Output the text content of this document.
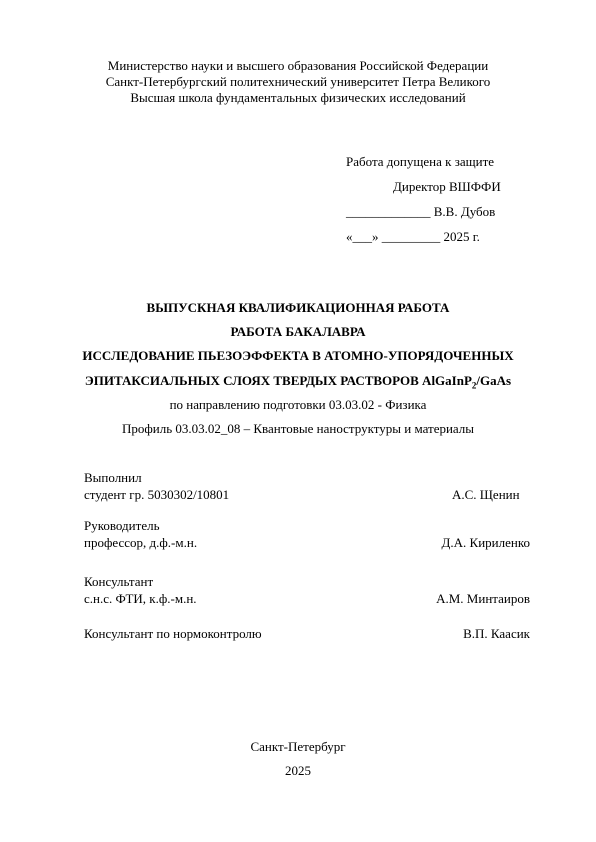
Министерство науки и высшего образования Российской Федерации
Санкт-Петербургский политехнический университет Петра Великого
Высшая школа фундаментальных физических исследований
Работа допущена к защите
Директор ВШФФИ
_____________ В.В. Дубов
«___» _________ 2025 г.
ВЫПУСКНАЯ КВАЛИФИКАЦИОННАЯ РАБОТА
РАБОТА БАКАЛАВРА
ИССЛЕДОВАНИЕ ПЬЕЗОЭФФЕКТА В АТОМНО-УПОРЯДОЧЕННЫХ
ЭПИТАКСИАЛЬНЫХ СЛОЯХ ТВЕРДЫХ РАСТВОРОВ AlGaInP$_2$/GaAs
по направлению подготовки 03.03.02 - Физика
Профиль 03.03.02_08 – Квантовые наноструктуры и материалы
Выполнил
студент гр. 5030302/10801	А.С. Щенин
Руководитель
профессор, д.ф.-м.н.	Д.А. Кириленко
Консультант
с.н.с. ФТИ, к.ф.-м.н.	А.М. Минтаиров
Консультант по нормоконтролю	В.П. Каасик
Санкт-Петербург
2025
